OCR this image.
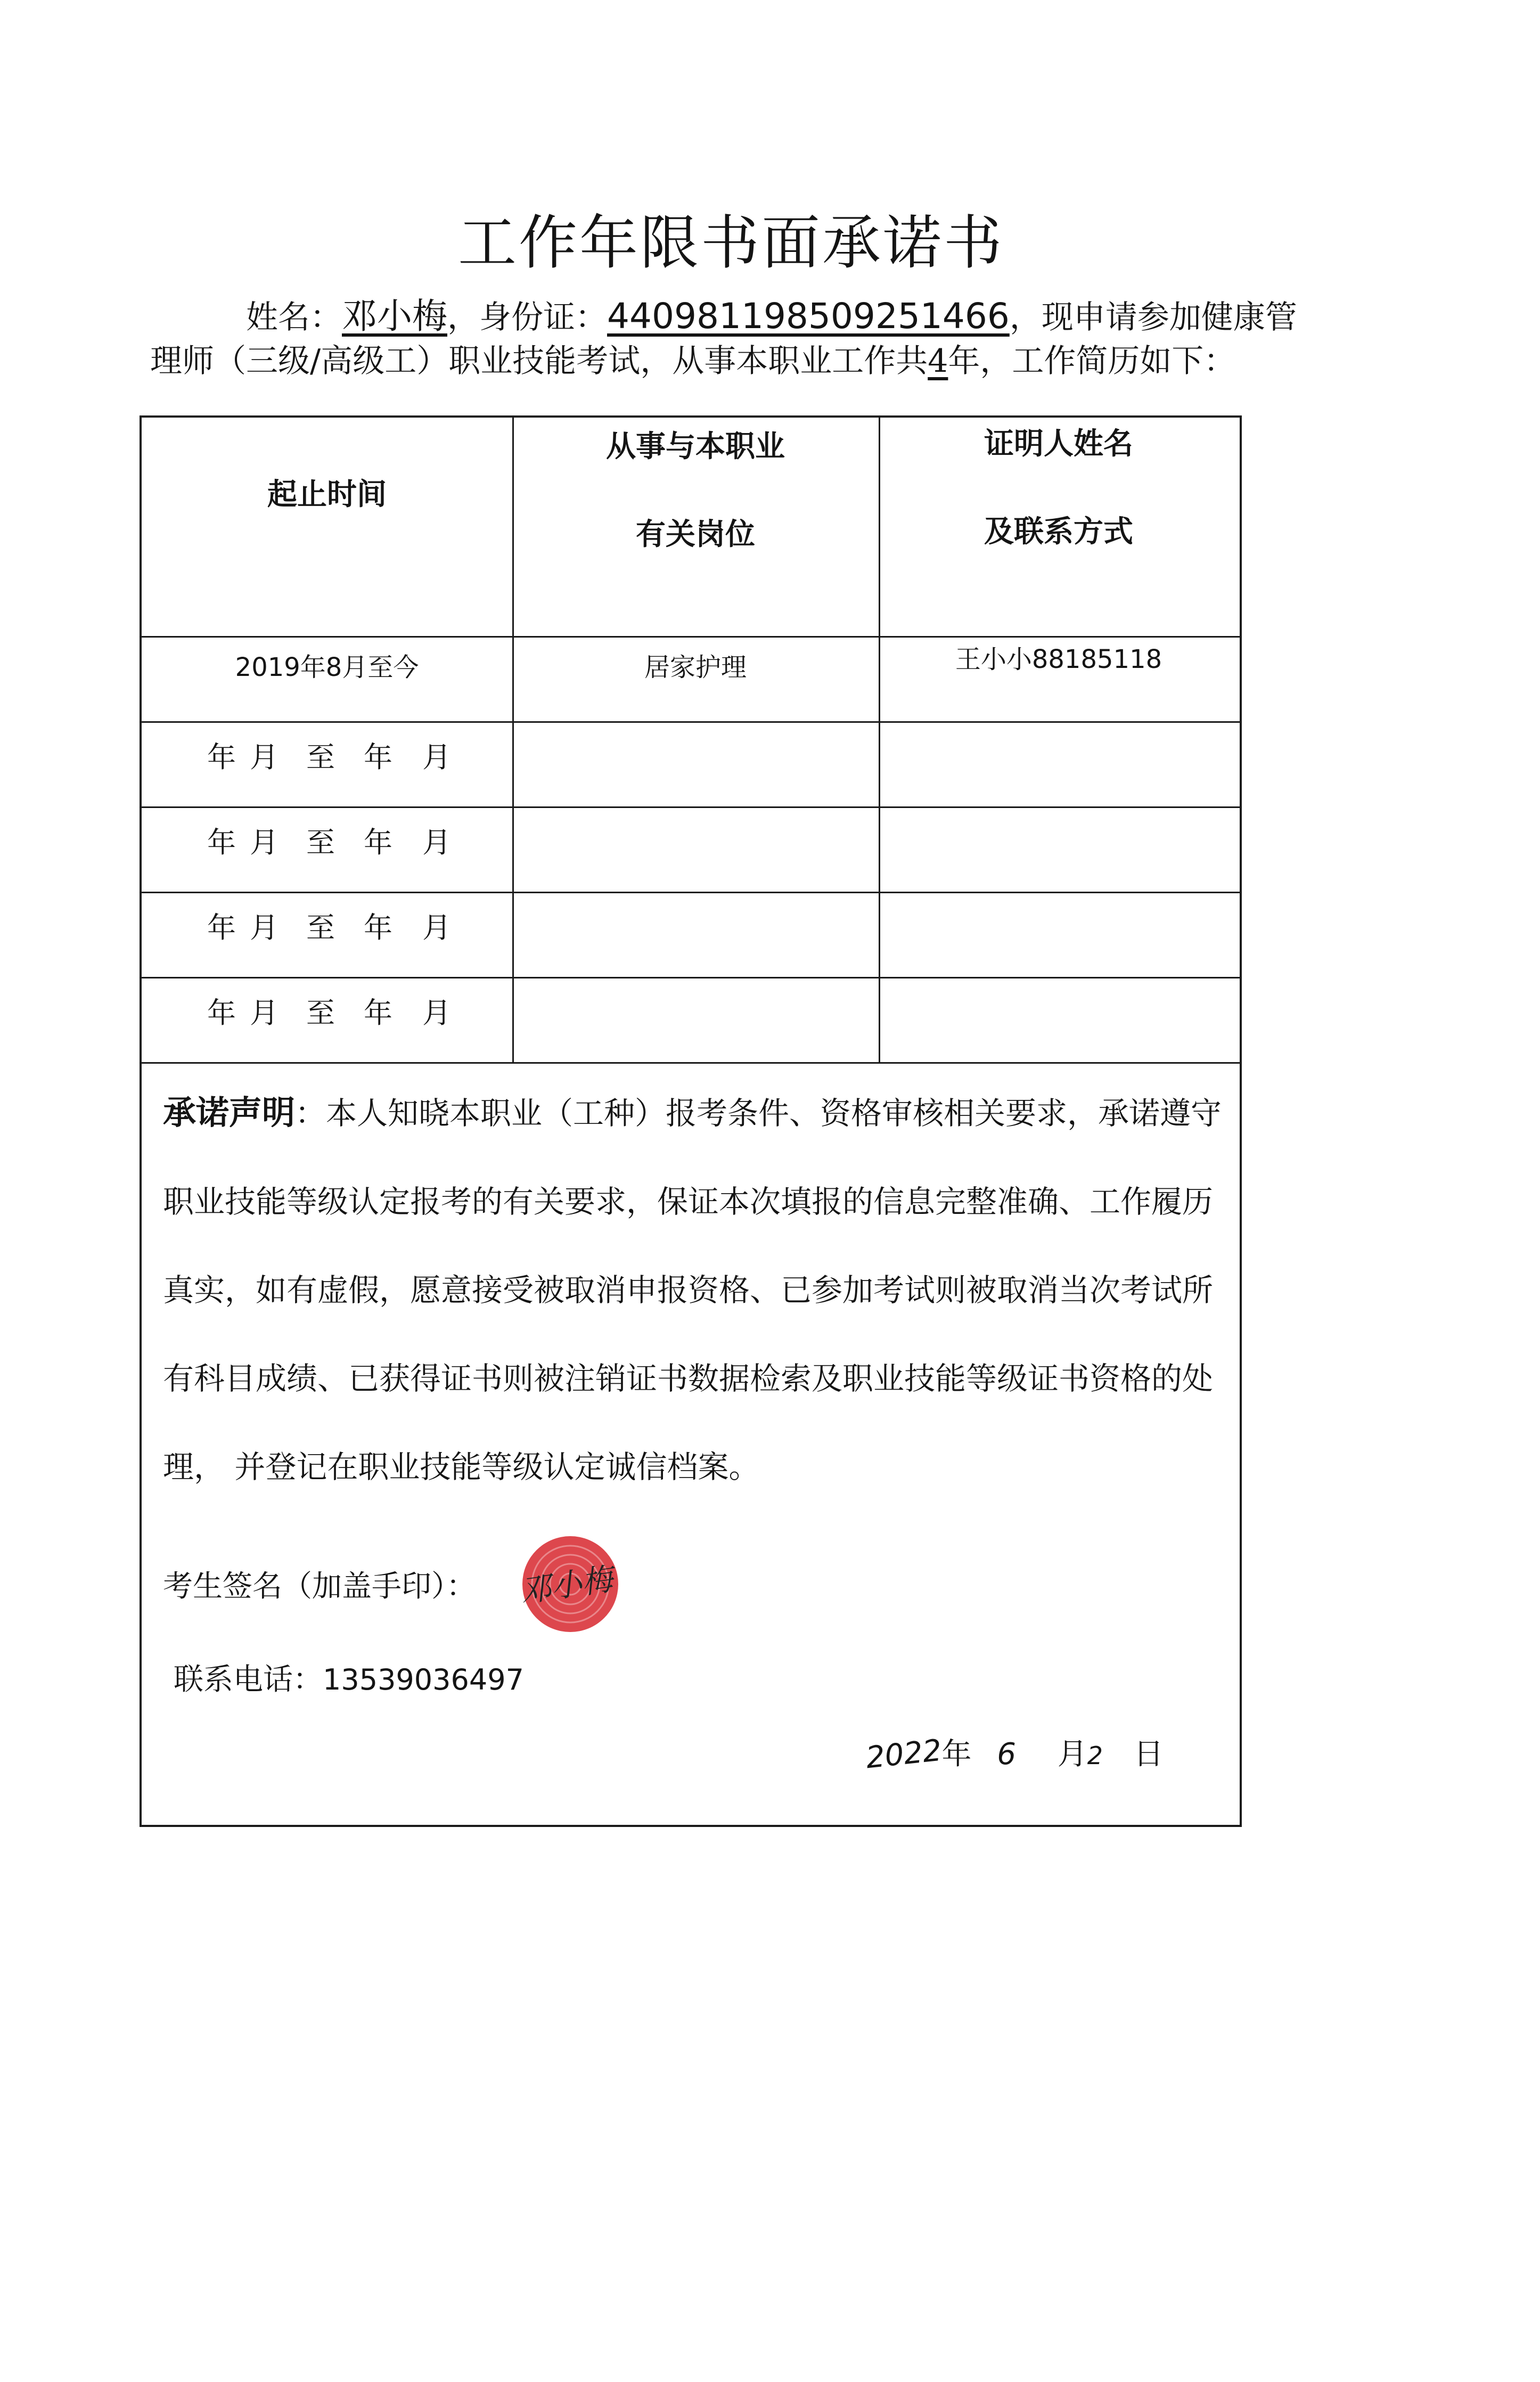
工作年限书面承诺书
姓名：邓小梅，身份证：440981198509251466，现申请参加健康管
理师（三级/高级工）职业技能考试，从事本职业工作共4年，工作简历如下：
起止时间
从事与本职业
有关岗位
证明人姓名
及联系方式
2019年8月至今	居家护理	王小小88185118
年 月 至 年 月
年 月 至 年 月
年 月 至 年 月
年 月 至 年 月
承诺声明：本人知晓本职业（工种）报考条件、资格审核相关要求，承诺遵守职业技能等级认定报考的有关要求，保证本次填报的信息完整准确、工作履历真实，如有虚假，愿意接受被取消申报资格、已参加考试则被取消当次考试所有科目成绩、已获得证书则被注销证书数据检索及职业技能等级证书资格的处理， 并登记在职业技能等级认定诚信档案。
考生签名（加盖手印）： 邓小梅
联系电话：13539036497
2022年 6 月2 日
